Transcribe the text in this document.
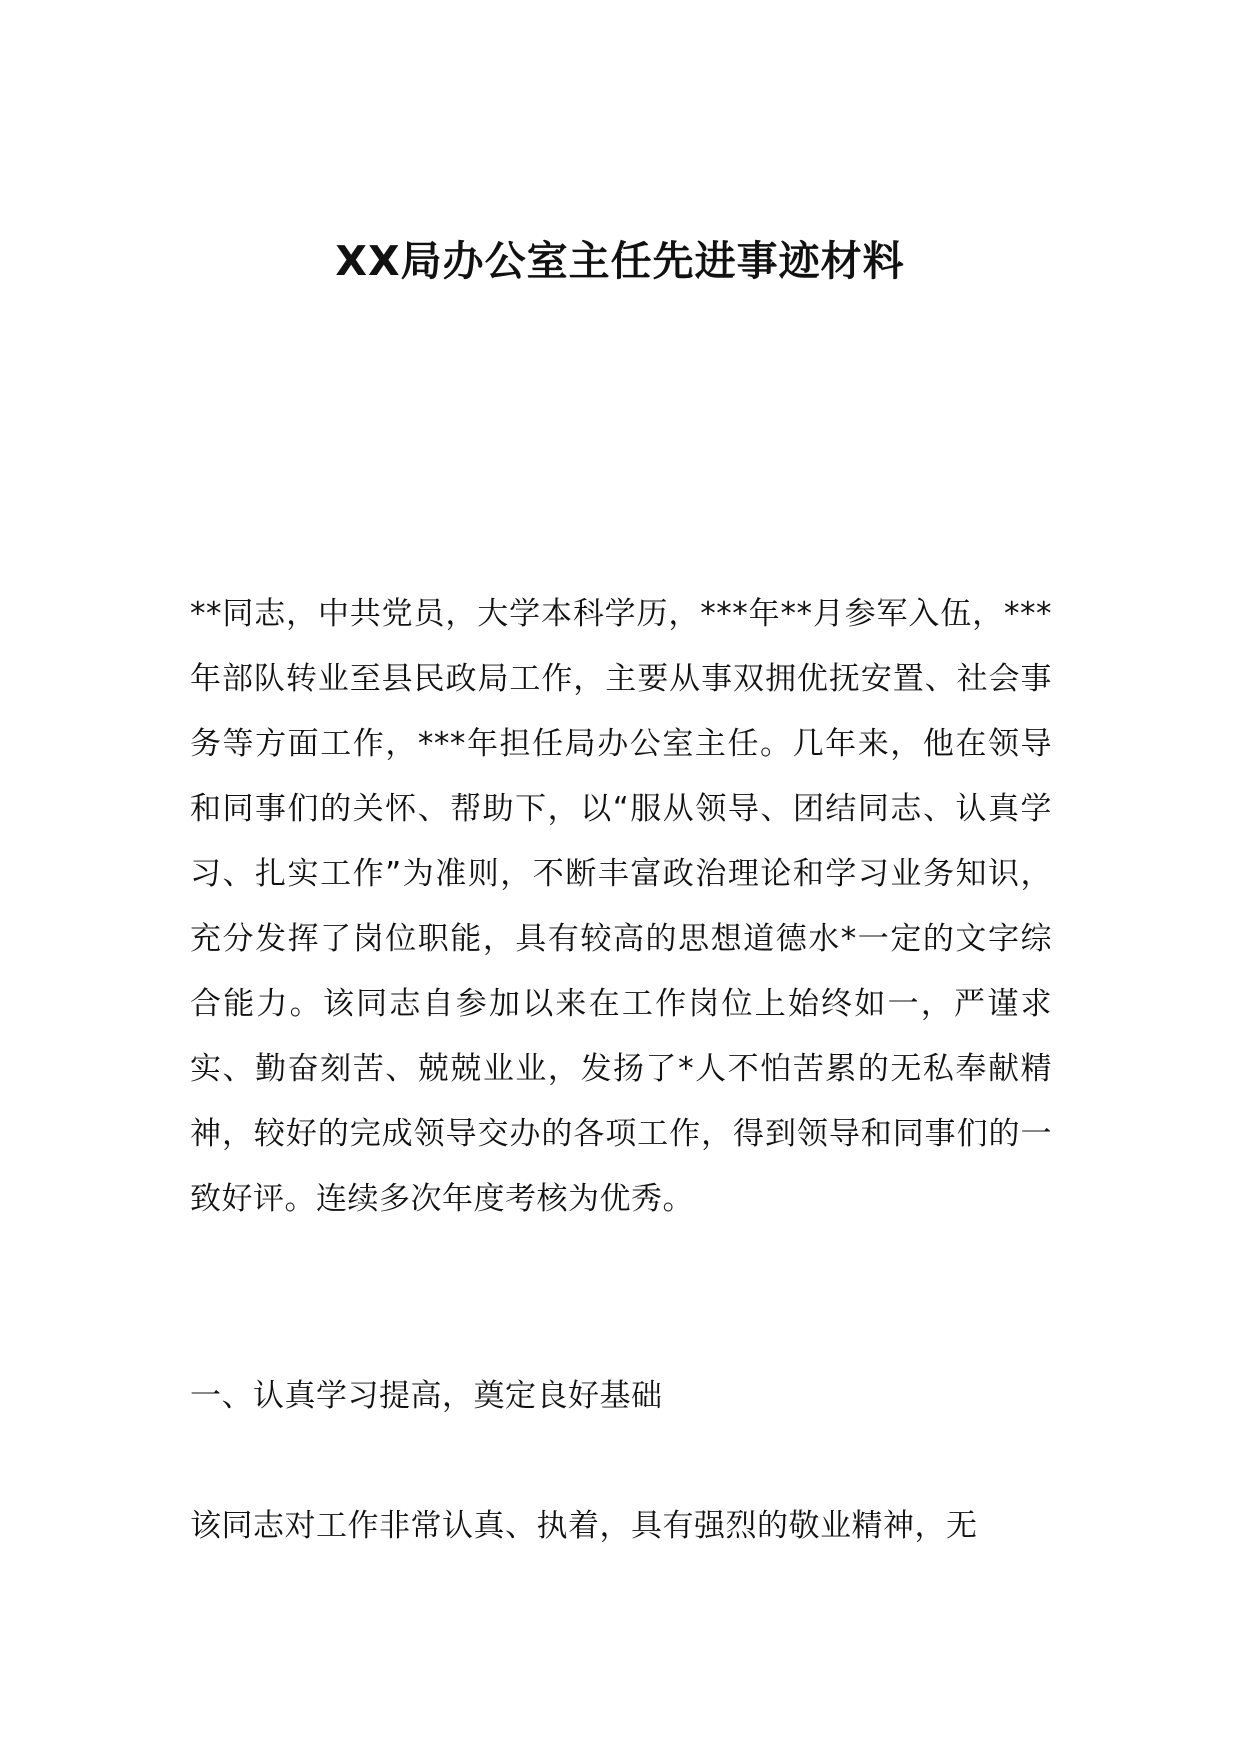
XX局办公室主任先进事迹材料

**同志，中共党员，大学本科学历，***年**月参军入伍，***年部队转业至县民政局工作，主要从事双拥优抚安置、社会事务等方面工作，***年担任局办公室主任。几年来，他在领导和同事们的关怀、帮助下，以“服从领导、团结同志、认真学习、扎实工作”为准则，不断丰富政治理论和学习业务知识，充分发挥了岗位职能，具有较高的思想道德水*一定的文字综合能力。该同志自参加以来在工作岗位上始终如一，严谨求实、勤奋刻苦、兢兢业业，发扬了*人不怕苦累的无私奉献精神，较好的完成领导交办的各项工作，得到领导和同事们的一致好评。连续多次年度考核为优秀。

一、认真学习提高，奠定良好基础

该同志对工作非常认真、执着，具有强烈的敬业精神，无
